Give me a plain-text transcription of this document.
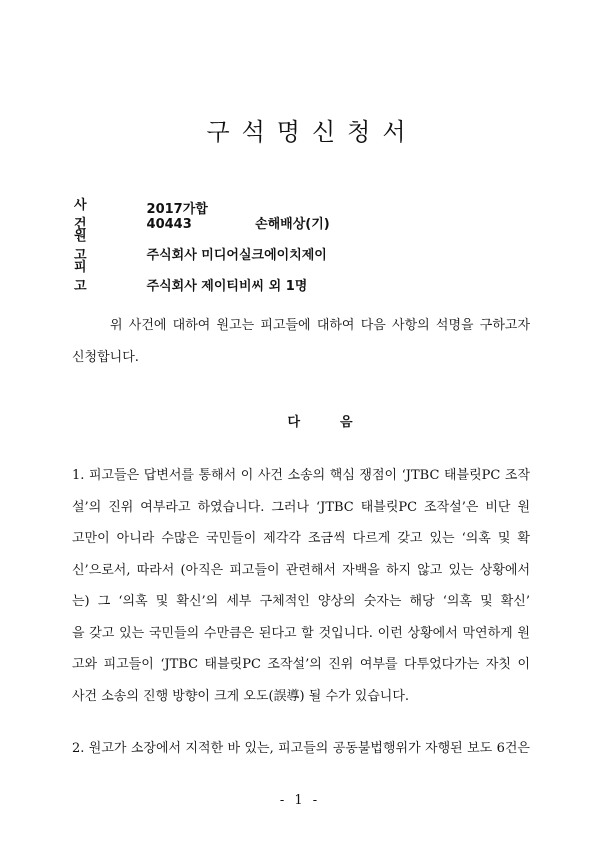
구석명신청서
사건 2017가합40443	손해배상(기)
원고	주식회사 미디어실크에이치제이
피고	주식회사 제이티비씨 외 1명
위 사건에 대하여 원고는 피고들에 대하여 다음 사항의 석명을 구하고자
신청합니다.
다음
1. 피고들은 답변서를 통해서 이 사건 소송의 핵심 쟁점이 ‘JTBC 태블릿PC 조작
설’의 진위 여부라고 하였습니다. 그러나 ‘JTBC 태블릿PC 조작설’은 비단 원
고만이 아니라 수많은 국민들이 제각각 조금씩 다르게 갖고 있는 ‘의혹 및 확
신’으로서, 따라서 (아직은 피고들이 관련해서 자백을 하지 않고 있는 상황에서
는) 그 ‘의혹 및 확신’의 세부 구체적인 양상의 숫자는 해당 ‘의혹 및 확신’
을 갖고 있는 국민들의 수만큼은 된다고 할 것입니다. 이런 상황에서 막연하게 원
고와 피고들이 ‘JTBC 태블릿PC 조작설’의 진위 여부를 다투었다가는 자칫 이
사건 소송의 진행 방향이 크게 오도(誤導) 될 수가 있습니다.
2. 원고가 소장에서 지적한 바 있는, 피고들의 공동불법행위가 자행된 보도 6건은
- 1 -
